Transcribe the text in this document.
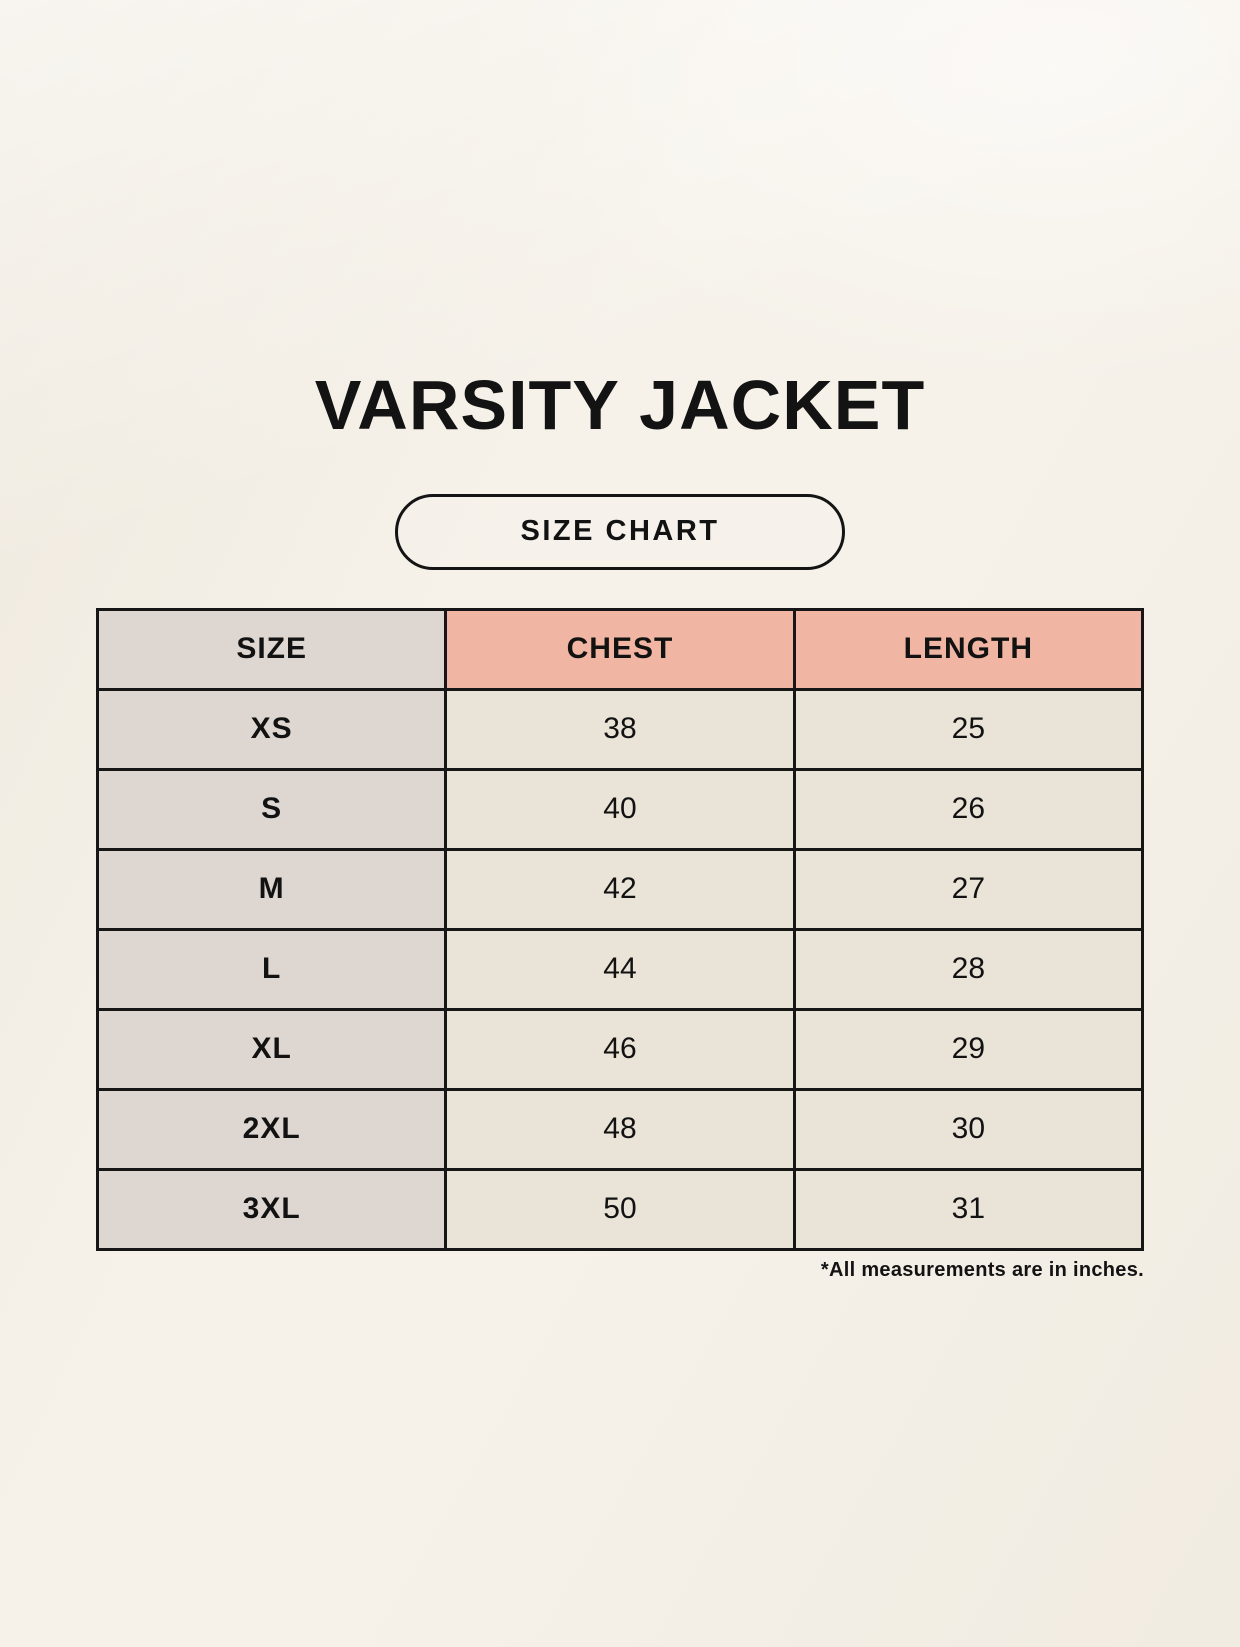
VARSITY JACKET
SIZE CHART
SIZE	CHEST	LENGTH
XS	38	25
S	40	26
M	42	27
L	44	28
XL	46	29
2XL	48	30
3XL	50	31
*All measurements are in inches.
